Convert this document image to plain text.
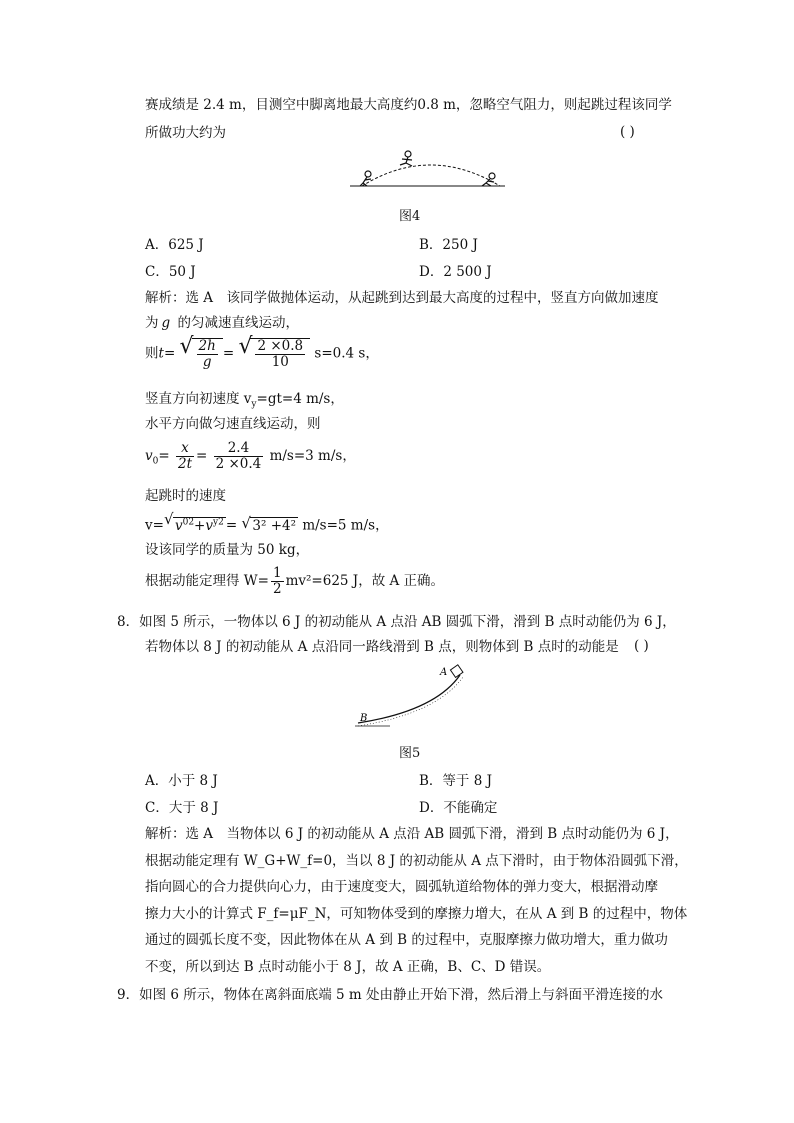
赛成绩是 2.4 m，目测空中脚离地最大高度约0.8 m，忽略空气阻力，则起跳过程该同学
所做功大约为	( )
图4
A．625 J	B．250 J
C．50 J	D．2 500 J
解析：选 A　该同学做抛体运动，从起跳到达到最大高度的过程中，竖直方向做加速度
为 g 的匀减速直线运动，
则t= √ $\frac{2h}{g}$ = √ $\frac{2 \times 0.8}{10} s=0.4$ s，
竖直方向初速度 $v_y=gt=4$ m/s，
水平方向做匀速直线运动，则
$v_0= \frac{x}{2t} = \frac{2.4}{2 \times 0.4} m/s=3$ m/s，
起跳时的速度
v= √ $v^{02}+v^{y2}$ = √ 3² +4² m/s=5 m/s，
设该同学的质量为 50 kg，
根据动能定理得 $W= \frac{1}{2} mv^2=625$ J，故 A 正确。
8．如图 5 所示，一物体以 6 J 的初动能从 A 点沿 AB 圆弧下滑，滑到 B 点时动能仍为 6 J，
若物体以 8 J 的初动能从 A 点沿同一路线滑到 B 点，则物体到 B 点时的动能是 ( )
A
B
图5
A．小于 8 J	B．等于 8 J
C．大于 8 J	D．不能确定
解析：选 A　当物体以 6 J 的初动能从 A 点沿 AB 圆弧下滑，滑到 B 点时动能仍为 6 J，
根据动能定理有 W_G+W_f=0，当以 8 J 的初动能从 A 点下滑时，由于物体沿圆弧下滑，
指向圆心的合力提供向心力，由于速度变大，圆弧轨道给物体的弹力变大，根据滑动摩
擦力大小的计算式 F_f=μF_N，可知物体受到的摩擦力增大，在从 A 到 B 的过程中，物体
通过的圆弧长度不变，因此物体在从 A 到 B 的过程中，克服摩擦力做功增大，重力做功
不变，所以到达 B 点时动能小于 8 J，故 A 正确，B、C、D 错误。
9．如图 6 所示，物体在离斜面底端 5 m 处由静止开始下滑，然后滑上与斜面平滑连接的水
